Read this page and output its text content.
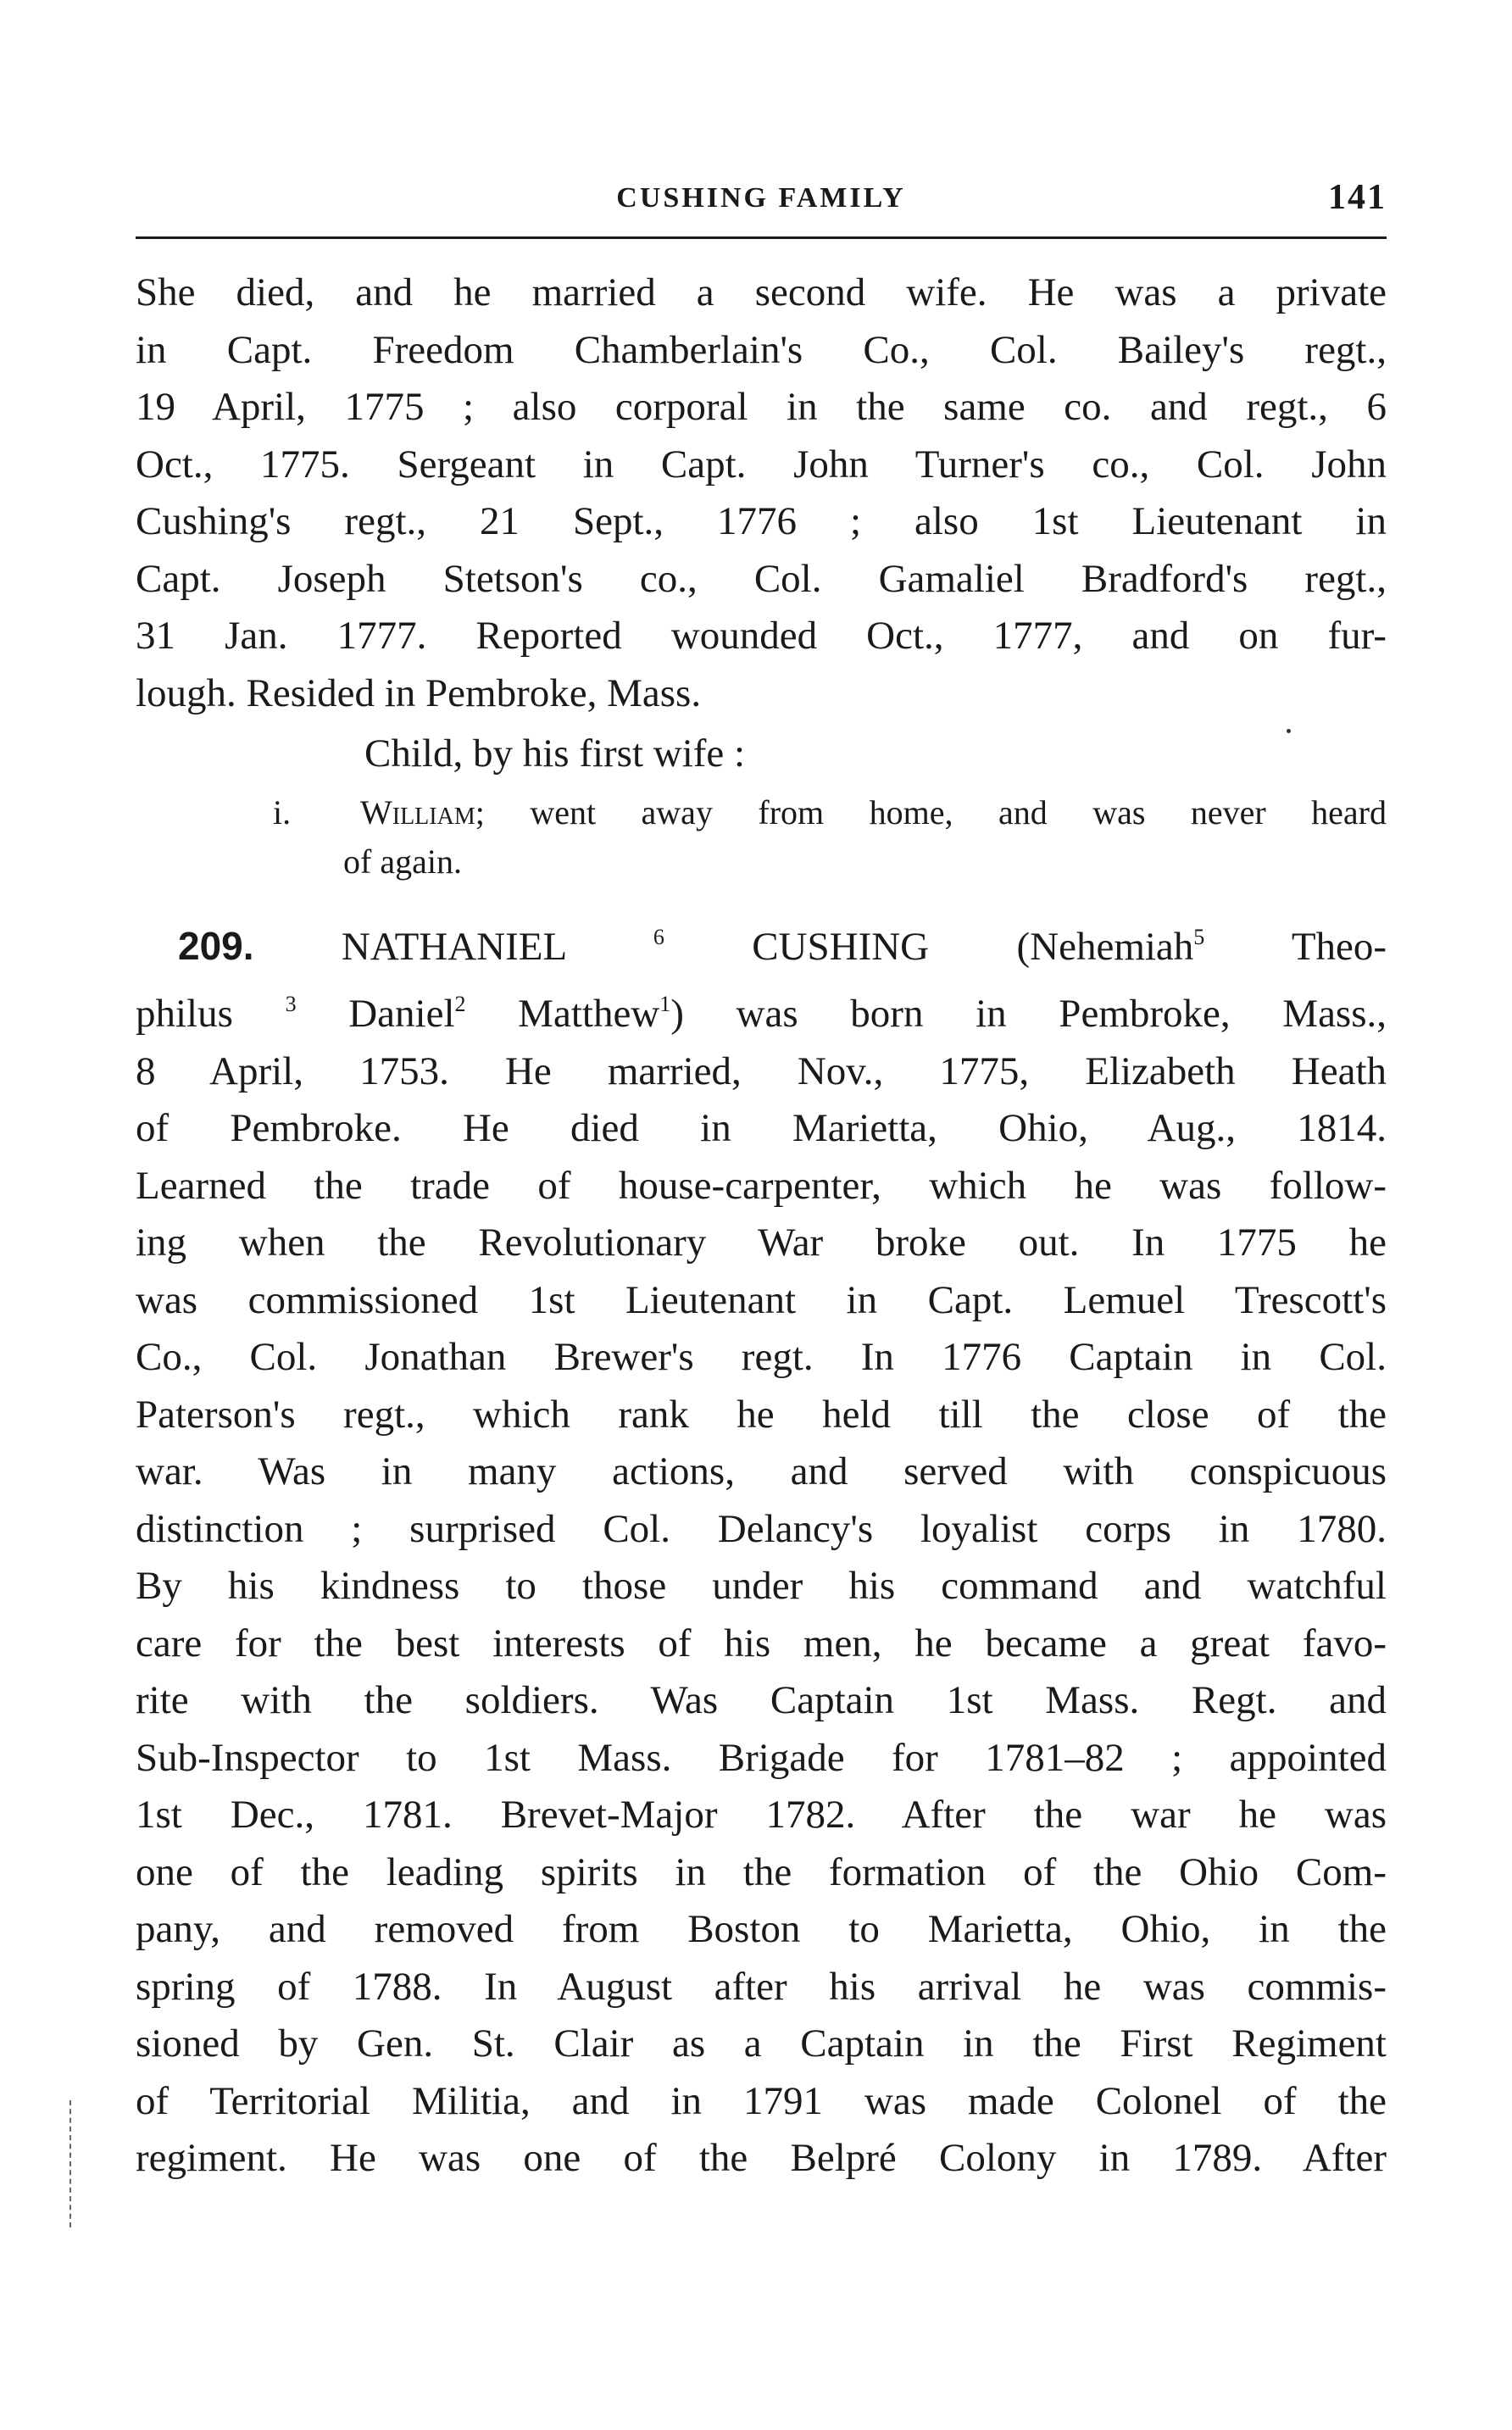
CUSHING FAMILY	141

She died, and he married a second wife. He was a private
in Capt. Freedom Chamberlain's Co., Col. Bailey's regt.,
19 April, 1775 ; also corporal in the same co. and regt., 6
Oct., 1775. Sergeant in Capt. John Turner's co., Col. John
Cushing's regt., 21 Sept., 1776 ; also 1st Lieutenant in
Capt. Joseph Stetson's co., Col. Gamaliel Bradford's regt.,
31 Jan. 1777. Reported wounded Oct., 1777, and on fur-
lough. Resided in Pembroke, Mass.

Child, by his first wife :
i. William; went away from home, and was never heard
of again.

209. NATHANIEL	$^6$ CUSHING (Nehemiah$^5$ Theo-
philus $^3$ Daniel$^2$ Matthew$^1$) was born in Pembroke, Mass.,
8 April, 1753. He married, Nov., 1775, Elizabeth Heath
of Pembroke. He died in Marietta, Ohio, Aug., 1814.
Learned the trade of house-carpenter, which he was follow-
ing when the Revolutionary War broke out. In 1775 he
was commissioned 1st Lieutenant in Capt. Lemuel Trescott's
Co., Col. Jonathan Brewer's regt. In 1776 Captain in Col.
Paterson's regt., which rank he held till the close of the
war. Was in many actions, and served with conspicuous
distinction ; surprised Col. Delancy's loyalist corps in 1780.
By his kindness to those under his command and watchful
care for the best interests of his men, he became a great favo-
rite with the soldiers. Was Captain 1st Mass. Regt. and
Sub-Inspector to 1st Mass. Brigade for 1781–82 ; appointed
1st Dec., 1781. Brevet-Major 1782. After the war he was
one of the leading spirits in the formation of the Ohio Com-
pany, and removed from Boston to Marietta, Ohio, in the
spring of 1788. In August after his arrival he was commis-
sioned by Gen. St. Clair as a Captain in the First Regiment
of Territorial Militia, and in 1791 was made Colonel of the
regiment. He was one of the Belpré Colony in 1789. After
